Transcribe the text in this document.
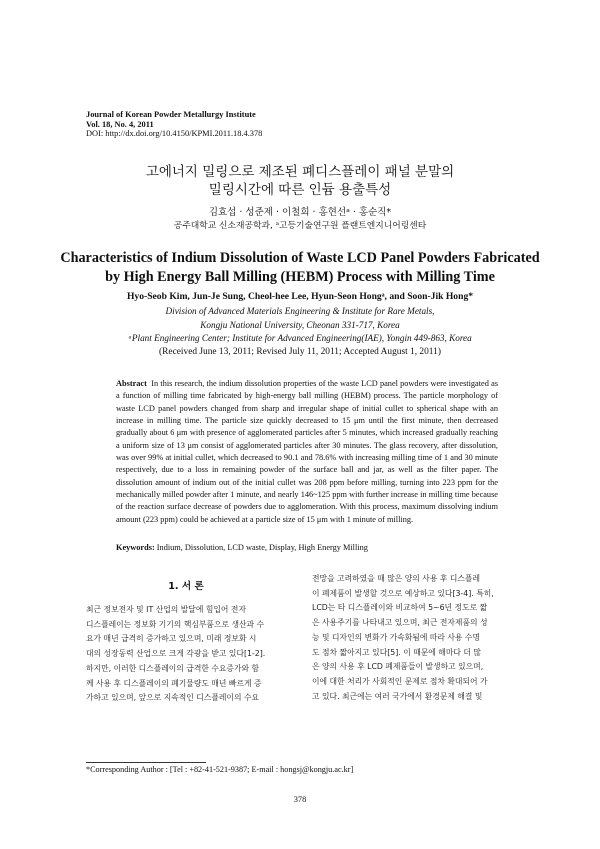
Journal of Korean Powder Metallurgy Institute
Vol. 18, No. 4, 2011
DOI: http://dx.doi.org/10.4150/KPMI.2011.18.4.378
고에너지 밀링으로 제조된 폐디스플레이 패널 분말의
밀링시간에 따른 인듐 용출특성
김효섭 · 성준제 · 이철희 · 홍현선ᵃ · 홍순직*
공주대학교 신소재공학과, ᵃ고등기술연구원 플랜트엔지니어링센타
Characteristics of Indium Dissolution of Waste LCD Panel Powders Fabricated
by High Energy Ball Milling (HEBM) Process with Milling Time
Hyo-Seob Kim, Jun-Je Sung, Cheol-hee Lee, Hyun-Seon Hongᵃ, and Soon-Jik Hong*
Division of Advanced Materials Engineering & Institute for Rare Metals,
Kongju National University, Cheonan 331-717, Korea
ᵃPlant Engineering Center; Institute for Advanced Engineering(IAE), Yongin 449-863, Korea
(Received June 13, 2011; Revised July 11, 2011; Accepted August 1, 2011)
Abstract In this research, the indium dissolution properties of the waste LCD panel powders were investigated as a function of milling time fabricated by high-energy ball milling (HEBM) process. The particle morphology of waste LCD panel powders changed from sharp and irregular shape of initial cullet to spherical shape with an increase in milling time. The particle size quickly decreased to 15 μm until the first minute, then decreased gradually about 6 μm with presence of agglomerated particles after 5 minutes, which increased gradually reaching a uniform size of 13 μm consist of agglomerated particles after 30 minutes. The glass recovery, after dissolution, was over 99% at initial cullet, which decreased to 90.1 and 78.6% with increasing milling time of 1 and 30 minute respectively, due to a loss in remaining powder of the surface ball and jar, as well as the filter paper. The dissolution amount of indium out of the initial cullet was 208 ppm before milling, turning into 223 ppm for the mechanically milled powder after 1 minute, and nearly 146~125 ppm with further increase in milling time because of the reaction surface decrease of powders due to agglomeration. With this process, maximum dissolving indium amount (223 ppm) could be achieved at a particle size of 15 μm with 1 minute of milling.
Keywords: Indium, Dissolution, LCD waste, Display, High Energy Milling
1. 서 론
최근 정보전자 및 IT 산업의 발달에 힘입어 전자
디스플레이는 정보화 기기의 핵심부품으로 생산과 수
요가 매년 급격히 증가하고 있으며, 미래 정보화 시
대의 성장동력 산업으로 크게 각광을 받고 있다[1-2].
하지만, 이러한 디스플레이의 급격한 수요증가와 함
께 사용 후 디스플레이의 폐기물량도 매년 빠르게 증
가하고 있으며, 앞으로 지속적인 디스플레이의 수요
전망을 고려하였을 때 많은 양의 사용 후 디스플레
이 폐제품이 발생할 것으로 예상하고 있다[3-4]. 특히,
LCD는 타 디스플레이와 비교하여 5~6년 정도로 짧
은 사용주기를 나타내고 있으며, 최근 전자제품의 성
능 및 디자인의 변화가 가속화됨에 따라 사용 수명
도 점차 짧아지고 있다[5]. 이 때문에 해마다 더 많
은 양의 사용 후 LCD 폐제품들이 발생하고 있으며,
이에 대한 처리가 사회적인 문제로 점차 확대되어 가
고 있다. 최근에는 여러 국가에서 환경문제 해결 및
*Corresponding Author : [Tel : +82-41-521-9387; E-mail : hongsj@kongju.ac.kr]
378
